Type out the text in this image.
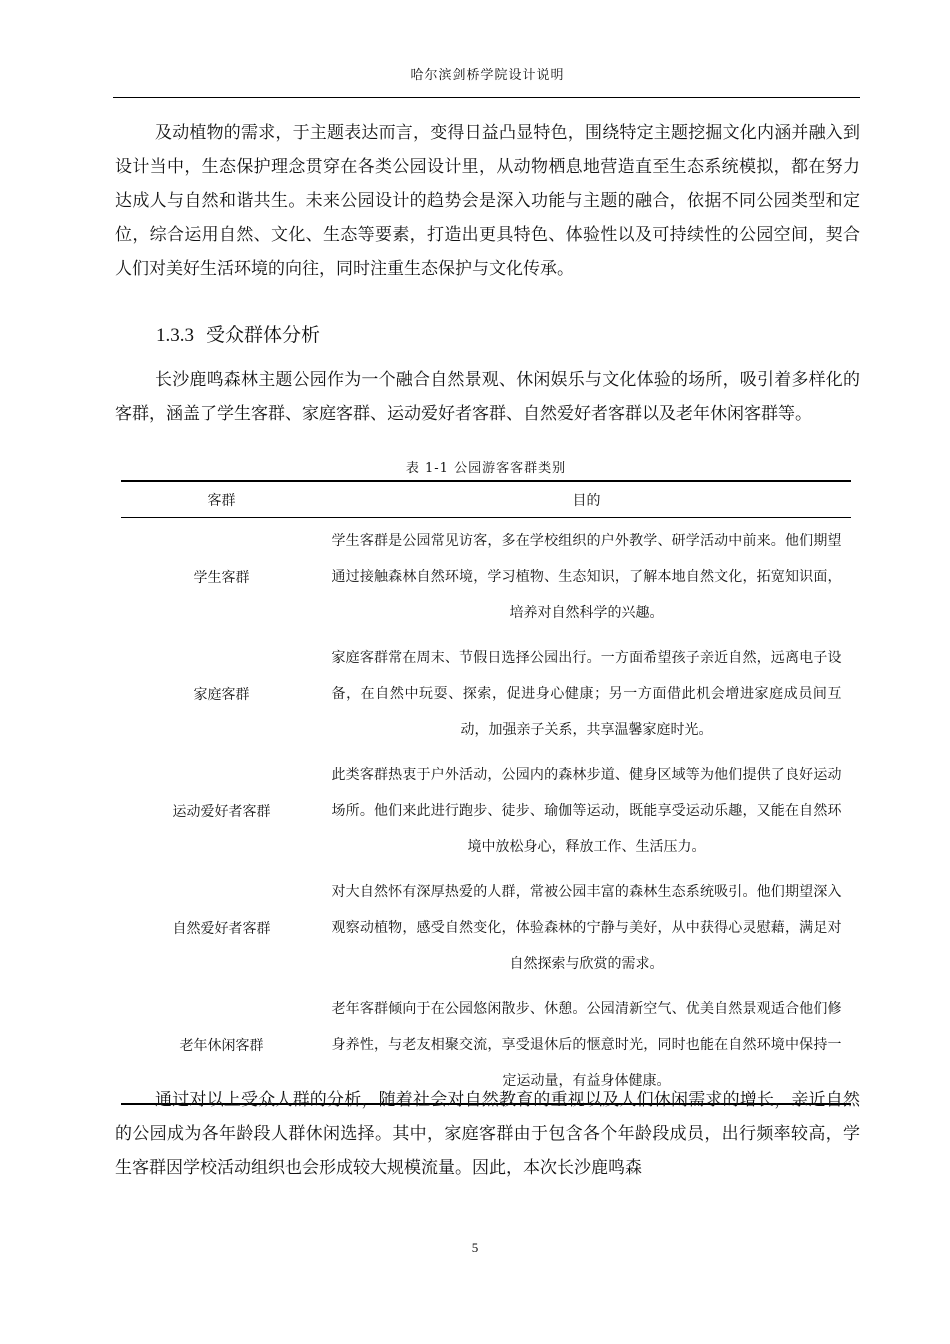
哈尔滨剑桥学院设计说明

及动植物的需求，于主题表达而言，变得日益凸显特色，围绕特定主题挖掘文化内涵并融入到设计当中，生态保护理念贯穿在各类公园设计里，从动物栖息地营造直至生态系统模拟，都在努力达成人与自然和谐共生。未来公园设计的趋势会是深入功能与主题的融合，依据不同公园类型和定位，综合运用自然、文化、生态等要素，打造出更具特色、体验性以及可持续性的公园空间，契合人们对美好生活环境的向往，同时注重生态保护与文化传承。

1.3.3 受众群体分析

长沙鹿鸣森林主题公园作为一个融合自然景观、休闲娱乐与文化体验的场所，吸引着多样化的客群，涵盖了学生客群、家庭客群、运动爱好者客群、自然爱好者客群以及老年休闲客群等。

表 1-1 公园游客客群类别
客群	目的
学生客群	学生客群是公园常见访客，多在学校组织的户外教学、研学活动中前来。他们期望通过接触森林自然环境，学习植物、生态知识，了解本地自然文化，拓宽知识面，培养对自然科学的兴趣。
家庭客群	家庭客群常在周末、节假日选择公园出行。一方面希望孩子亲近自然，远离电子设备，在自然中玩耍、探索，促进身心健康；另一方面借此机会增进家庭成员间互动，加强亲子关系，共享温馨家庭时光。
运动爱好者客群	此类客群热衷于户外活动，公园内的森林步道、健身区域等为他们提供了良好运动场所。他们来此进行跑步、徒步、瑜伽等运动，既能享受运动乐趣，又能在自然环境中放松身心，释放工作、生活压力。
自然爱好者客群	对大自然怀有深厚热爱的人群，常被公园丰富的森林生态系统吸引。他们期望深入观察动植物，感受自然变化，体验森林的宁静与美好，从中获得心灵慰藉，满足对自然探索与欣赏的需求。
老年休闲客群	老年客群倾向于在公园悠闲散步、休憩。公园清新空气、优美自然景观适合他们修身养性，与老友相聚交流，享受退休后的惬意时光，同时也能在自然环境中保持一定运动量，有益身体健康。

通过对以上受众人群的分析，随着社会对自然教育的重视以及人们休闲需求的增长，亲近自然的公园成为各年龄段人群休闲选择。其中，家庭客群由于包含各个年龄段成员，出行频率较高，学生客群因学校活动组织也会形成较大规模流量。因此，本次长沙鹿鸣森

5
